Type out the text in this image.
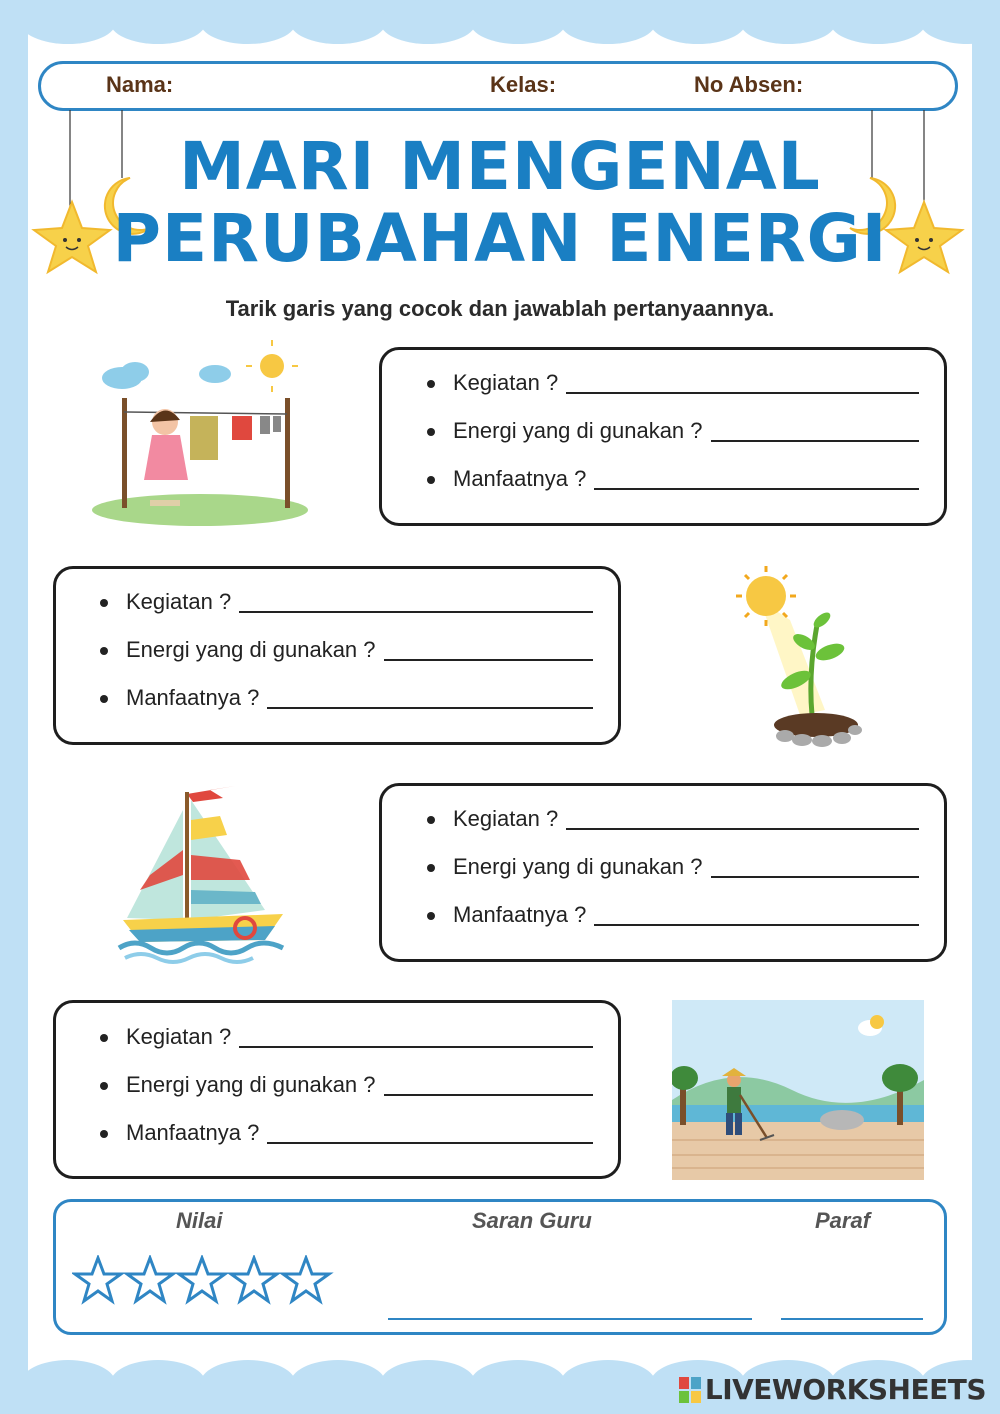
Nama:	Kelas:	No Absen:
MARI MENGENAL
PERUBAHAN ENERGI
Tarik garis yang cocok dan jawablah pertanyaannya.
Kegiatan ?
Energi yang di gunakan ?
Manfaatnya ?
Kegiatan ?
Energi yang di gunakan ?
Manfaatnya ?
Kegiatan ?
Energi yang di gunakan ?
Manfaatnya ?
Kegiatan ?
Energi yang di gunakan ?
Manfaatnya ?
Nilai	Saran Guru	Paraf
LIVEWORKSHEETS
